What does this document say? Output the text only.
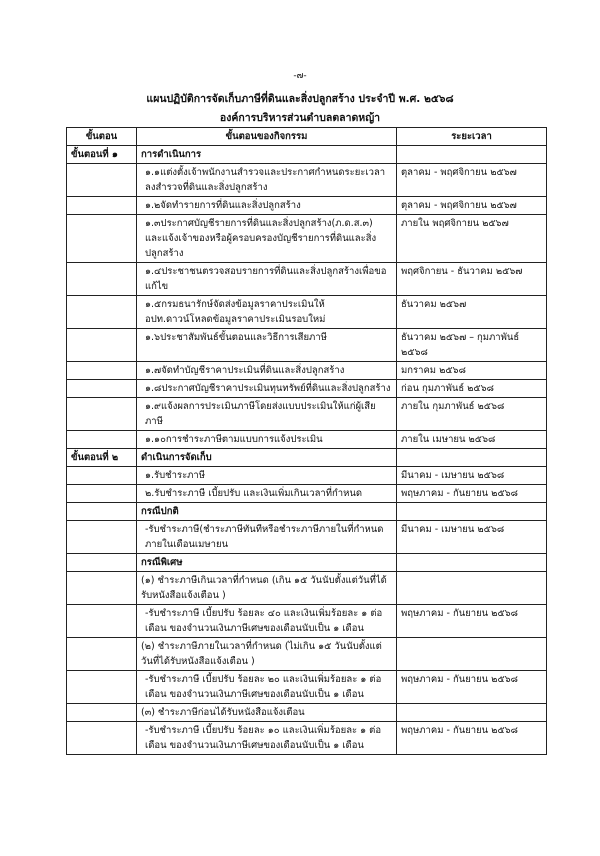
-๗-
แผนปฏิบัติการจัดเก็บภาษีที่ดินและสิ่งปลูกสร้าง ประจำปี พ.ศ. ๒๕๖๘
องค์การบริหารส่วนตำบลตลาดหญ้า
ขั้นตอน	ขั้นตอนของกิจกรรม	ระยะเวลา
ขั้นตอนที่ ๑	การดำเนินการ	
	๑.๑แต่งตั้งเจ้าพนักงานสำรวจและประกาศกำหนดระยะเวลาลงสำรวจที่ดินและสิ่งปลูกสร้าง	ตุลาคม - พฤศจิกายน ๒๕๖๗
	๑.๒จัดทำรายการที่ดินและสิ่งปลูกสร้าง	ตุลาคม - พฤศจิกายน ๒๕๖๗
	๑.๓ประกาศบัญชีรายการที่ดินและสิ่งปลูกสร้าง(ภ.ด.ส.๓) และแจ้งเจ้าของหรือผู้ครอบครองบัญชีรายการที่ดินและสิ่งปลูกสร้าง	ภายใน พฤศจิกายน ๒๕๖๗
	๑.๔ประชาชนตรวจสอบรายการที่ดินและสิ่งปลูกสร้างเพื่อขอแก้ไข	พฤศจิกายน - ธันวาคม ๒๕๖๗
	๑.๕กรมธนารักษ์จัดส่งข้อมูลราคาประเมินให้ อปท.ดาวน์โหลดข้อมูลราคาประเมินรอบใหม่	ธันวาคม ๒๕๖๗
	๑.๖ประชาสัมพันธ์ขั้นตอนและวิธีการเสียภาษี	ธันวาคม ๒๕๖๗ – กุมภาพันธ์ ๒๕๖๘
	๑.๗จัดทำบัญชีราคาประเมินที่ดินและสิ่งปลูกสร้าง	มกราคม ๒๕๖๘
	๑.๘ประกาศบัญชีราคาประเมินทุนทรัพย์ที่ดินและสิ่งปลูกสร้าง	ก่อน กุมภาพันธ์ ๒๕๖๘
	๑.๙แจ้งผลการประเมินภาษีโดยส่งแบบประเมินให้แก่ผู้เสียภาษี	ภายใน กุมภาพันธ์ ๒๕๖๘
	๑.๑๐การชำระภาษีตามแบบการแจ้งประเมิน	ภายใน เมษายน ๒๕๖๘
ขั้นตอนที่ ๒	ดำเนินการจัดเก็บ	
	๑.รับชำระภาษี	มีนาคม - เมษายน ๒๕๖๘
	๒.รับชำระภาษี เบี้ยปรับ และเงินเพิ่มเกินเวลาที่กำหนด	พฤษภาคม - กันยายน ๒๕๖๘
	กรณีปกติ	
	-รับชำระภาษี(ชำระภาษีทันทีหรือชำระภาษีภายในที่กำหนดภายในเดือนเมษายน	มีนาคม - เมษายน ๒๕๖๘
	กรณีพิเศษ	
	(๑) ชำระภาษีเกินเวลาที่กำหนด (เกิน ๑๕ วันนับตั้งแต่วันที่ได้รับหนังสือแจ้งเตือน )	
	-รับชำระภาษี เบี้ยปรับ ร้อยละ ๔๐ และเงินเพิ่มร้อยละ ๑ ต่อเดือน ของจำนวนเงินภาษีเศษของเดือนนับเป็น ๑ เดือน	พฤษภาคม - กันยายน ๒๕๖๘
	(๒) ชำระภาษีภายในเวลาที่กำหนด (ไม่เกิน ๑๕ วันนับตั้งแต่วันที่ได้รับหนังสือแจ้งเตือน )	
	-รับชำระภาษี เบี้ยปรับ ร้อยละ ๒๐ และเงินเพิ่มร้อยละ ๑ ต่อเดือน ของจำนวนเงินภาษีเศษของเดือนนับเป็น ๑ เดือน	พฤษภาคม - กันยายน ๒๕๖๘
	(๓) ชำระภาษีก่อนได้รับหนังสือแจ้งเตือน	
	-รับชำระภาษี เบี้ยปรับ ร้อยละ ๑๐ และเงินเพิ่มร้อยละ ๑ ต่อเดือน ของจำนวนเงินภาษีเศษของเดือนนับเป็น ๑ เดือน	พฤษภาคม - กันยายน ๒๕๖๘
